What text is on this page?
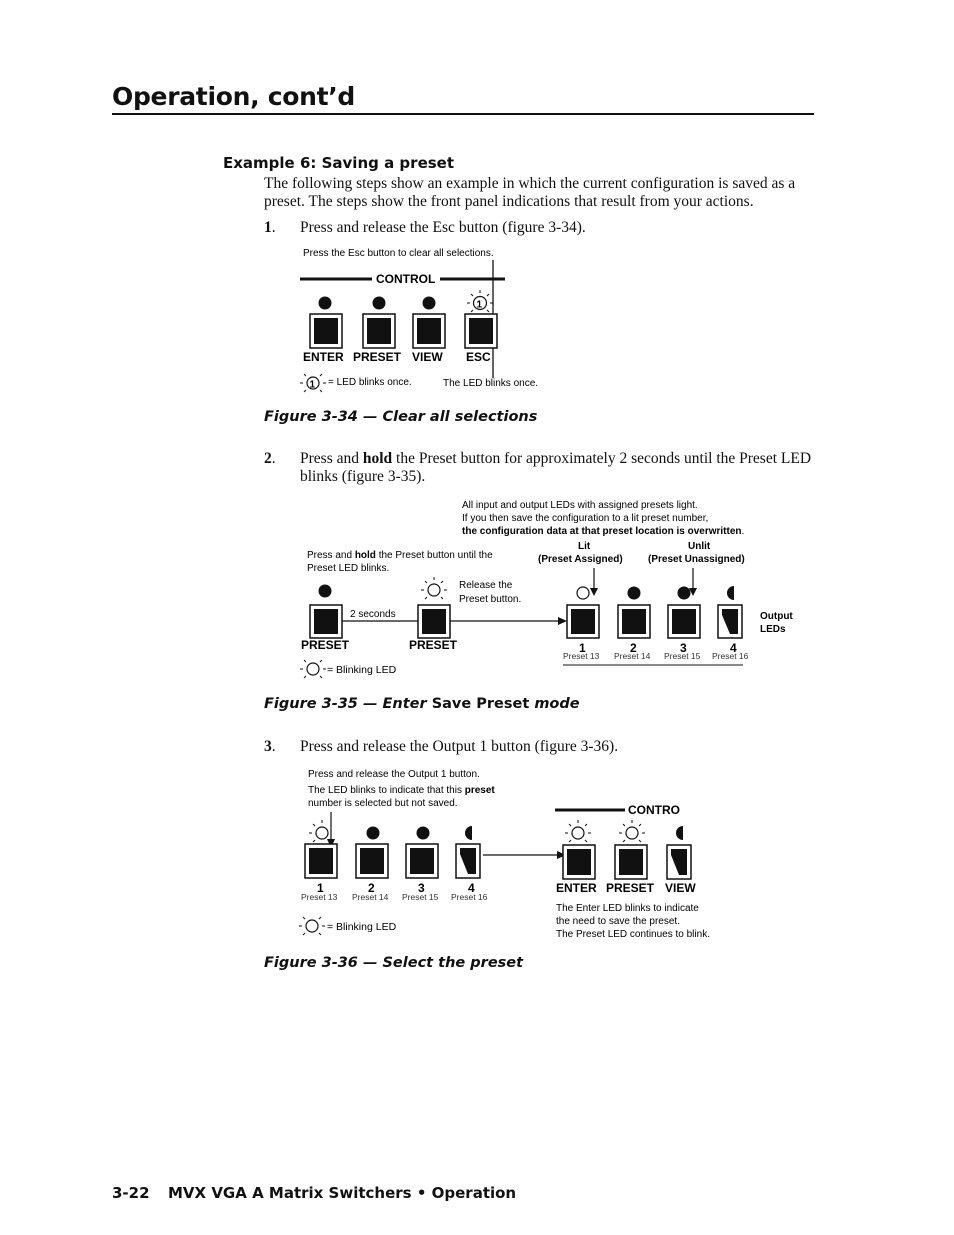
Operation, cont’d
Example 6: Saving a preset
The following steps show an example in which the current configuration is saved as a preset. The steps show the front panel indications that result from your actions.
1. Press and release the Esc button (figure 3-34).
Press the Esc button to clear all selections.
CONTROL
1
ENTER PRESET VIEW ESC
1 = LED blinks once.	The LED blinks once.
Figure 3-34 — Clear all selections
2. Press and hold the Preset button for approximately 2 seconds until the Preset LED blinks (figure 3-35).
All input and output LEDs with assigned presets light.
If you then save the configuration to a lit preset number,
the configuration data at that preset location is overwritten.
Lit
(Preset Assigned)
Unlit
(Preset Unassigned)
Press and hold the Preset button until the
Preset LED blinks.
Release the
Preset button.
2 seconds
PRESET	PRESET
Output
LEDs
1	2	3	4
Preset 13 Preset 14 Preset 15 Preset 16
= Blinking LED
Figure 3-35 — Enter Save Preset mode
3. Press and release the Output 1 button (figure 3-36).
Press and release the Output 1 button.
The LED blinks to indicate that this preset
number is selected but not saved.
1	2	3	4
Preset 13 Preset 14 Preset 15 Preset 16
CONTRO
ENTER PRESET VIEW
The Enter LED blinks to indicate
the need to save the preset.
The Preset LED continues to blink.
= Blinking LED
Figure 3-36 — Select the preset
3-22 MVX VGA A Matrix Switchers • Operation
